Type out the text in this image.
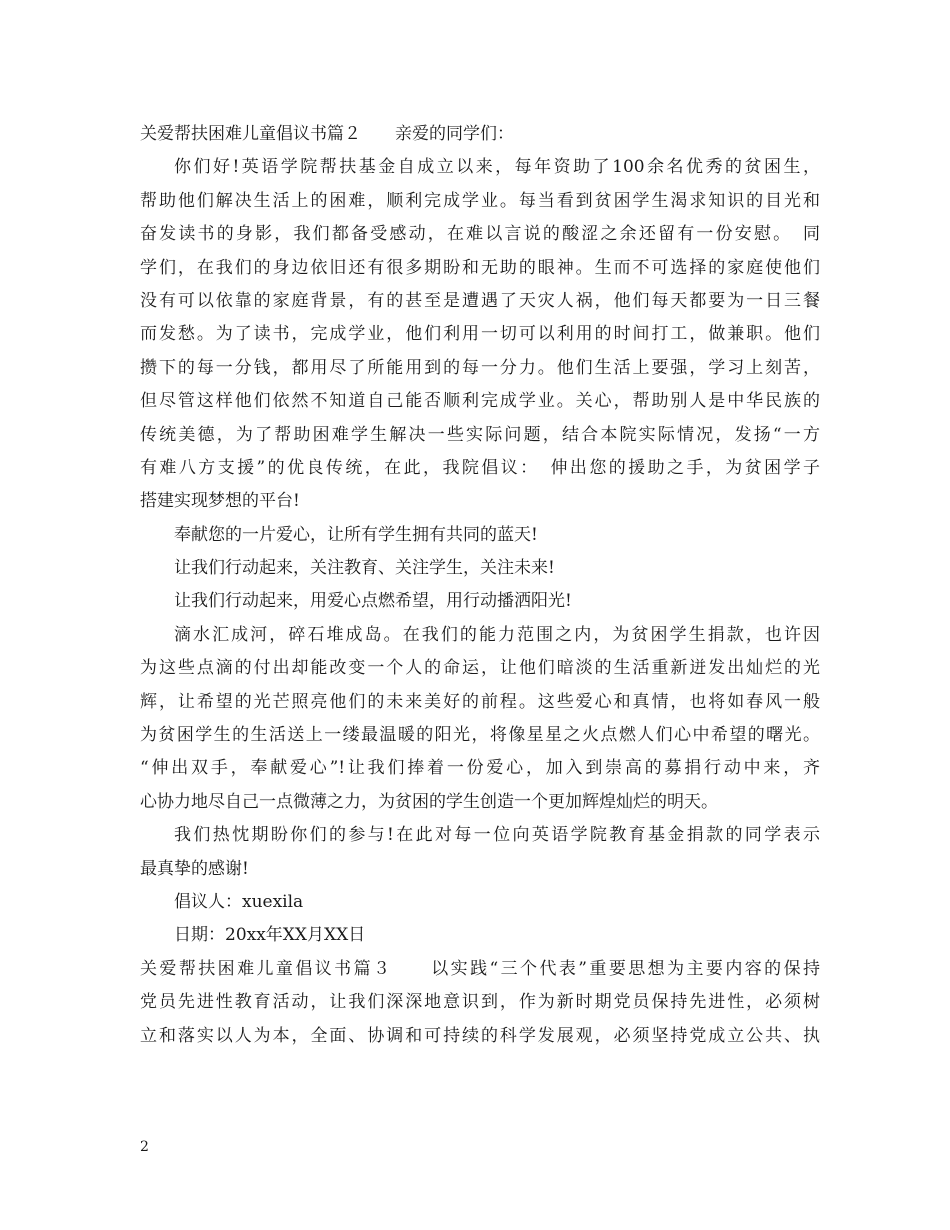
关爱帮扶困难儿童倡议书篇２　　亲爱的同学们：
你们好!英语学院帮扶基金自成立以来，每年资助了100余名优秀的贫困生，
帮助他们解决生活上的困难，顺利完成学业。每当看到贫困学生渴求知识的目光和
奋发读书的身影，我们都备受感动，在难以言说的酸涩之余还留有一份安慰。　同
学们，在我们的身边依旧还有很多期盼和无助的眼神。生而不可选择的家庭使他们
没有可以依靠的家庭背景，有的甚至是遭遇了天灾人祸，他们每天都要为一日三餐
而发愁。为了读书，完成学业，他们利用一切可以利用的时间打工，做兼职。他们
攒下的每一分钱，都用尽了所能用到的每一分力。他们生活上要强，学习上刻苦，
但尽管这样他们依然不知道自己能否顺利完成学业。关心，帮助别人是中华民族的
传统美德，为了帮助困难学生解决一些实际问题，结合本院实际情况，发扬“一方
有难八方支援”的优良传统，在此，我院倡议：　伸出您的援助之手，为贫困学子
搭建实现梦想的平台!
奉献您的一片爱心，让所有学生拥有共同的蓝天!
让我们行动起来，关注教育、关注学生，关注未来!
让我们行动起来，用爱心点燃希望，用行动播洒阳光!
滴水汇成河，碎石堆成岛。在我们的能力范围之内，为贫困学生捐款，也许因
为这些点滴的付出却能改变一个人的命运，让他们暗淡的生活重新迸发出灿烂的光
辉，让希望的光芒照亮他们的未来美好的前程。这些爱心和真情，也将如春风一般
为贫困学生的生活送上一缕最温暖的阳光，将像星星之火点燃人们心中希望的曙光。
“伸出双手，奉献爱心”!让我们捧着一份爱心，加入到崇高的募捐行动中来，齐
心协力地尽自己一点微薄之力，为贫困的学生创造一个更加辉煌灿烂的明天。
我们热忱期盼你们的参与!在此对每一位向英语学院教育基金捐款的同学表示
最真挚的感谢!
倡议人：xuexila
日期：20xx年XX月XX日
关爱帮扶困难儿童倡议书篇３　　以实践“三个代表”重要思想为主要内容的保持
党员先进性教育活动，让我们深深地意识到，作为新时期党员保持先进性，必须树
立和落实以人为本，全面、协调和可持续的科学发展观，必须坚持党成立公共、执
2
